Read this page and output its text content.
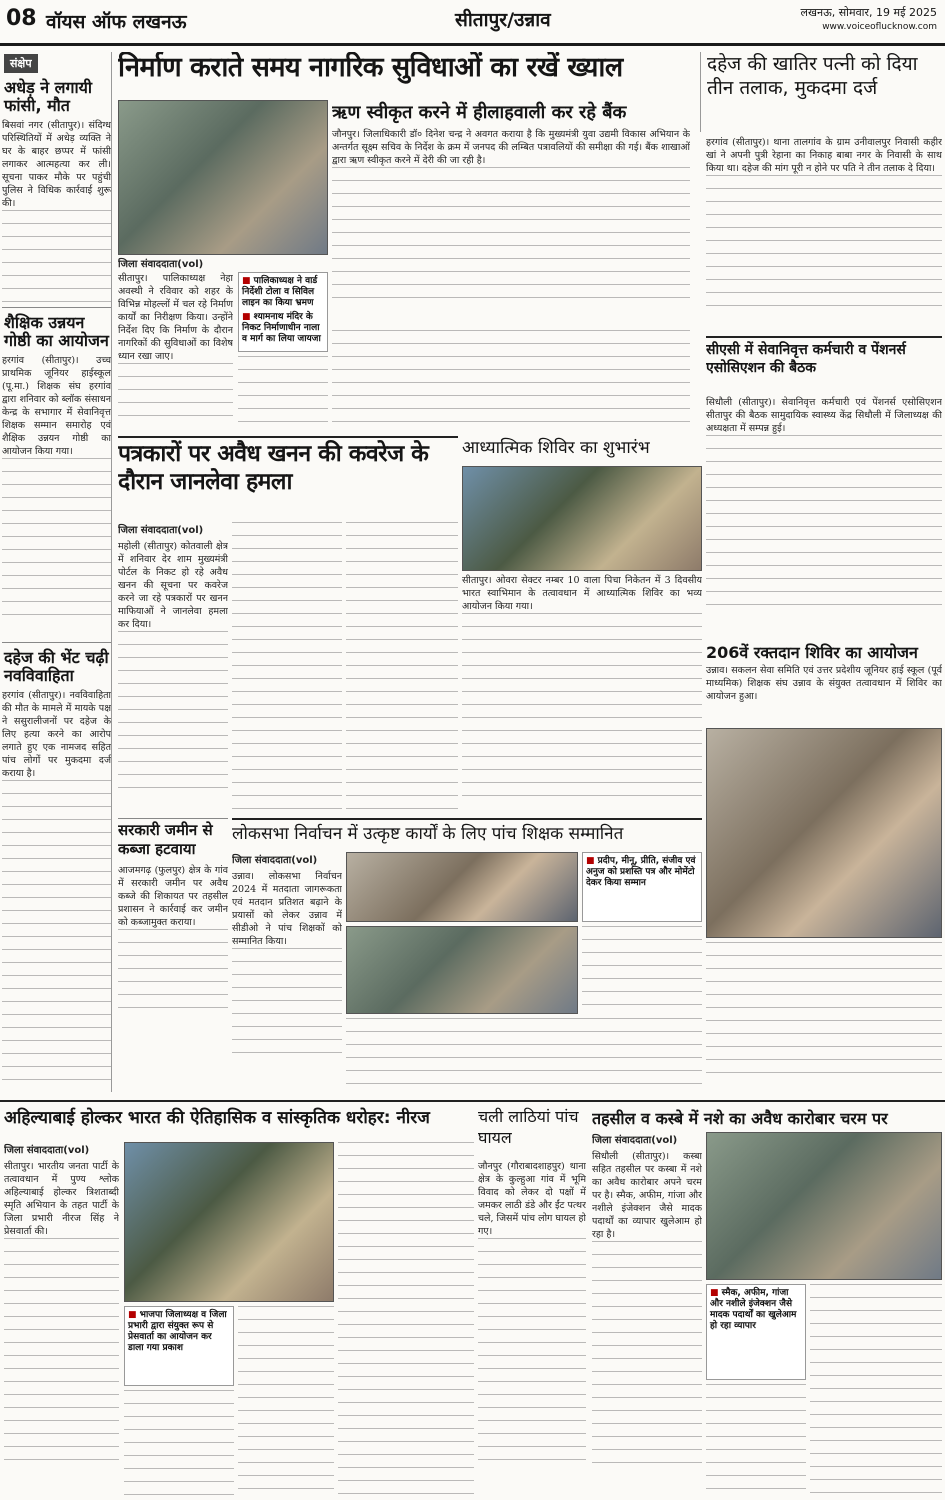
08 वॉयस ऑफ लखनऊ	सीतापुर/उन्नाव	लखनऊ, सोमवार, 19 मई 2025
www.voiceoflucknow.com
संक्षेप
अधेड़ ने लगायी फांसी, मौत
बिसवां नगर (सीतापुर)। संदिग्ध परिस्थितियों में अधेड़ व्यक्ति ने घर के बाहर छप्पर में फांसी लगाकर आत्महत्या कर ली। सूचना पाकर मौके पर पहुंची पुलिस ने विधिक कार्रवाई शुरू की।
शैक्षिक उन्नयन गोष्ठी का आयोजन
हरगांव (सीतापुर)। उच्च प्राथमिक जूनियर हाईस्कूल (पू.मा.) शिक्षक संघ हरगांव द्वारा शनिवार को ब्लॉक संसाधन केन्द्र के सभागार में सेवानिवृत्त शिक्षक सम्मान समारोह एवं शैक्षिक उन्नयन गोष्ठी का आयोजन किया गया।
दहेज की भेंट चढ़ी नवविवाहिता
हरगांव (सीतापुर)। नवविवाहिता की मौत के मामले में मायके पक्ष ने ससुरालीजनों पर दहेज के लिए हत्या करने का आरोप लगाते हुए एक नामजद सहित पांच लोगों पर मुकदमा दर्ज कराया है।
निर्माण कराते समय नागरिक सुविधाओं का रखें ख्याल
ऋण स्वीकृत करने में हीलाहवाली कर रहे बैंक
जौनपुर। जिलाधिकारी डॉ० दिनेश चन्द्र ने अवगत कराया है कि मुख्यमंत्री युवा उद्यमी विकास अभियान के अन्तर्गत सूक्ष्म सचिव के निर्देश के क्रम में जनपद की लम्बित पत्रावलियों की समीक्षा की गई। बैंक शाखाओं द्वारा ऋण स्वीकृत करने में देरी की जा रही है।
जिला संवाददाता(vol)
सीतापुर। पालिकाध्यक्ष नेहा अवस्थी ने रविवार को शहर के विभिन्न मोहल्लों में चल रहे निर्माण कार्यों का निरीक्षण किया। उन्होंने निर्देश दिए कि निर्माण के दौरान नागरिकों की सुविधाओं का विशेष ध्यान रखा जाए।
■ पालिकाध्यक्ष ने वार्ड निर्देशी टोला व सिविल लाइन का किया भ्रमण
■ श्यामनाथ मंदिर के निकट निर्माणाधीन नाला व मार्ग का लिया जायजा
दहेज की खातिर पत्नी को दिया तीन तलाक, मुकदमा दर्ज
हरगांव (सीतापुर)। थाना तालगांव के ग्राम उनीवालपुर निवासी कहीर खां ने अपनी पुत्री रेहाना का निकाह बाबा नगर के निवासी के साथ किया था। दहेज की मांग पूरी न होने पर पति ने तीन तलाक दे दिया।
सीएसी में सेवानिवृत्त कर्मचारी व पेंशनर्स एसोसिएशन की बैठक
सिधौली (सीतापुर)। सेवानिवृत्त कर्मचारी एवं पेंशनर्स एसोसिएशन सीतापुर की बैठक सामुदायिक स्वास्थ्य केंद्र सिधौली में जिलाध्यक्ष की अध्यक्षता में सम्पन्न हुई।
206वें रक्तदान शिविर का आयोजन
उन्नाव। सकलन सेवा समिति एवं उत्तर प्रदेशीय जूनियर हाई स्कूल (पूर्व माध्यमिक) शिक्षक संघ उन्नाव के संयुक्त तत्वावधान में शिविर का आयोजन हुआ।
पत्रकारों पर अवैध खनन की कवरेज के दौरान जानलेवा हमला
जिला संवाददाता(vol)
महोली (सीतापुर) कोतवाली क्षेत्र में शनिवार देर शाम मुख्यमंत्री पोर्टल के निकट हो रहे अवैध खनन की सूचना पर कवरेज करने जा रहे पत्रकारों पर खनन माफियाओं ने जानलेवा हमला कर दिया।
सरकारी जमीन से कब्जा हटवाया
आजमगढ़ (फुलपुर) क्षेत्र के गांव में सरकारी जमीन पर अवैध कब्जे की शिकायत पर तहसील प्रशासन ने कार्रवाई कर जमीन को कब्जामुक्त कराया।
आध्यात्मिक शिविर का शुभारंभ
सीतापुर। ओवरा सेक्टर नम्बर 10 वाला पिचा निकेतन में 3 दिवसीय भारत स्वाभिमान के तत्वावधान में आध्यात्मिक शिविर का भव्य आयोजन किया गया।
लोकसभा निर्वाचन में उत्कृष्ट कार्यों के लिए पांच शिक्षक सम्मानित
जिला संवाददाता(vol)
उन्नाव। लोकसभा निर्वाचन 2024 में मतदाता जागरूकता एवं मतदान प्रतिशत बढ़ाने के प्रयासों को लेकर उन्नाव में सीडीओ ने पांच शिक्षकों को सम्मानित किया।
■ प्रदीप, मीनू, प्रीति, संजीव एवं अनुज को प्रशस्ति पत्र और मोमेंटो देकर किया सम्मान
अहिल्याबाई होल्कर भारत की ऐतिहासिक व सांस्कृतिक धरोहर: नीरज
जिला संवाददाता(vol)
सीतापुर। भारतीय जनता पार्टी के तत्वावधान में पुण्य श्लोक अहिल्याबाई होल्कर त्रिशताब्दी स्मृति अभियान के तहत पार्टी के जिला प्रभारी नीरज सिंह ने प्रेसवार्ता की।
■ भाजपा जिलाध्यक्ष व जिला प्रभारी द्वारा संयुक्त रूप से प्रेसवार्ता का आयोजन कर डाला गया प्रकाश
चली लाठियां पांच घायल
जौनपुर (गौराबादशाहपुर) थाना क्षेत्र के कुल्हुआ गांव में भूमि विवाद को लेकर दो पक्षों में जमकर लाठी डंडे और ईंट पत्थर चले, जिसमें पांच लोग घायल हो गए।
तहसील व कस्बे में नशे का अवैध कारोबार चरम पर
जिला संवाददाता(vol)
सिधौली (सीतापुर)। कस्बा सहित तहसील पर कस्बा में नशे का अवैध कारोबार अपने चरम पर है। स्मैक, अफीम, गांजा और नशीले इंजेक्शन जैसे मादक पदार्थों का व्यापार खुलेआम हो रहा है।
■ स्मैक, अफीम, गांजा और नशीले इंजेक्शन जैसे मादक पदार्थों का खुलेआम हो रहा व्यापार
